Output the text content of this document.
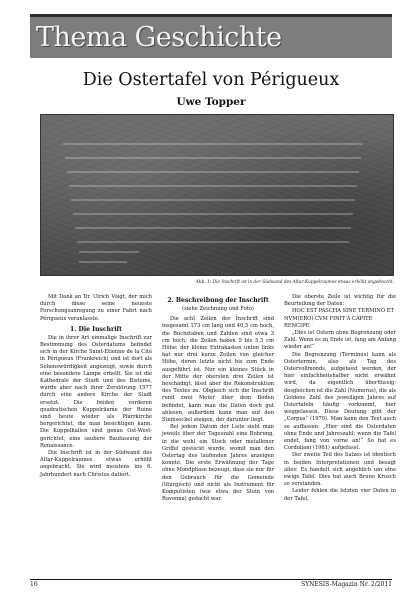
Thema Geschichte
Die Ostertafel von Périgueux
Uwe Topper
Abb. 1: Die Inschrift ist in der Südwand des Altar-Kuppelraumes etwas erhöht angebracht.

Mit Dank an Dr. Ulrich Voigt, der mich durch diese seine neueste Forschungsanregung zu einer Fahrt nach Périgueux veranlasste.

1. Die Inschrift

Die in ihrer Art einmalige Inschrift zur Bestimmung des Osterdatums befindet sich in der Kirche Saint-Etienne de la Cité in Périgueux (Frankreich) und ist dort als Sehenswürdigkeit angezeigt, sowie durch eine besondere Lampe erhellt. Sie ist die Kathedrale der Stadt und des Bistums, wurde aber nach ihrer Zerstörung 1577 durch eine andere Kirche der Stadt ersetzt. Die beiden vorderen quadratischen Kuppelräume der Ruine sind heute wieder als Pfarrkirche hergerichtet, die man besichtigen kann. Die Kuppelhallen sind genau Ost-West-gerichtet, eine saubere Baufassung der Renaissance.

Die Inschrift ist in der Südwand des Altar-Kuppelraumes etwas erhöht angebracht. Sie wird meistens ins 6. Jahrhundert nach Christus datiert.

2. Beschreibung der Inschrift
(siehe Zeichnung und Foto)

Die acht Zeilen der Inschrift sind insgesamt 173 cm lang und 40,5 cm hoch, die Buchstaben und Zahlen sind etwa 3 cm hoch, die Zeilen haben 5 bis 5,5 cm Höhe; der kleine Extrakasten unten links hat nur drei kurze Zeilen von gleicher Höhe, deren letzte nicht bis zum Ende ausgeführt ist. Nur ein kleines Stück in der Mitte der obersten drei Zeilen ist beschädigt, lässt aber die Rekonstruktion des Textes zu. Obgleich sich die Inschrift rund zwei Meter über dem Boden befindet, kann man die Daten doch gut ablesen, außerdem kann man auf den Steinsockel steigen, der darunter liegt.

Bei jedem Datum der Liste sieht man jeweils über der Tageszahl eine Bohrung, in die wohl ein Stock oder metallener Griffel gesteckt wurde, womit man den Ostertag des laufenden Jahres anzeigen konnte. Die erste Erwähnung der Tage ohne Mondphase bezeugt, dass sie nur für den Gebrauch für die Gemeinde (liturgisch) und nicht als Instrument für Komputisten (wie etwa der Stein von Ravenna) gedacht war.

Die oberste Zeile ist wichtig für die Beurteilung der Daten:

HOC EST PASCHA SINE TERMINO ET NVM(ERO) CVM FINIT A CAPITE RENCIPE

„Dies ist Ostern ohne Begrenzung oder Zahl. Wenn es zu Ende ist, fang am Anfang wieder an!“

Die Begrenzung (Terminus) kann als Ostertermin, also als Tag des Ostervollmonds, aufgefasst werden, der hier einfachheitshalber nicht erwähnt wird, da eigentlich überflüssig; desgleichen ist die Zahl (Numerus), die als Goldene Zahl des jeweiligen Jahres auf Ostertafeln häufig vorkommt, hier weggelassen. Diese Deutung gibt der „Corpus“ (1979). Man kann den Text auch so auffassen: „Hier sind die Osterdaten ohne Ende und Jahreszahl; wenn die Tafel endet, fang von vorne an!“ So hat es Cordoliani (1961) aufgefasst.

Der zweite Teil des Satzes ist identisch in beiden Interpretationen und besagt alles: Es handelt sich angeblich um eine ewige Tafel. Dies hat auch Bruno Krusch so verstanden.

Leider fehlen die letzten vier Daten in der Tafel.

16	SYNESIS-Magazin Nr. 2/2011
